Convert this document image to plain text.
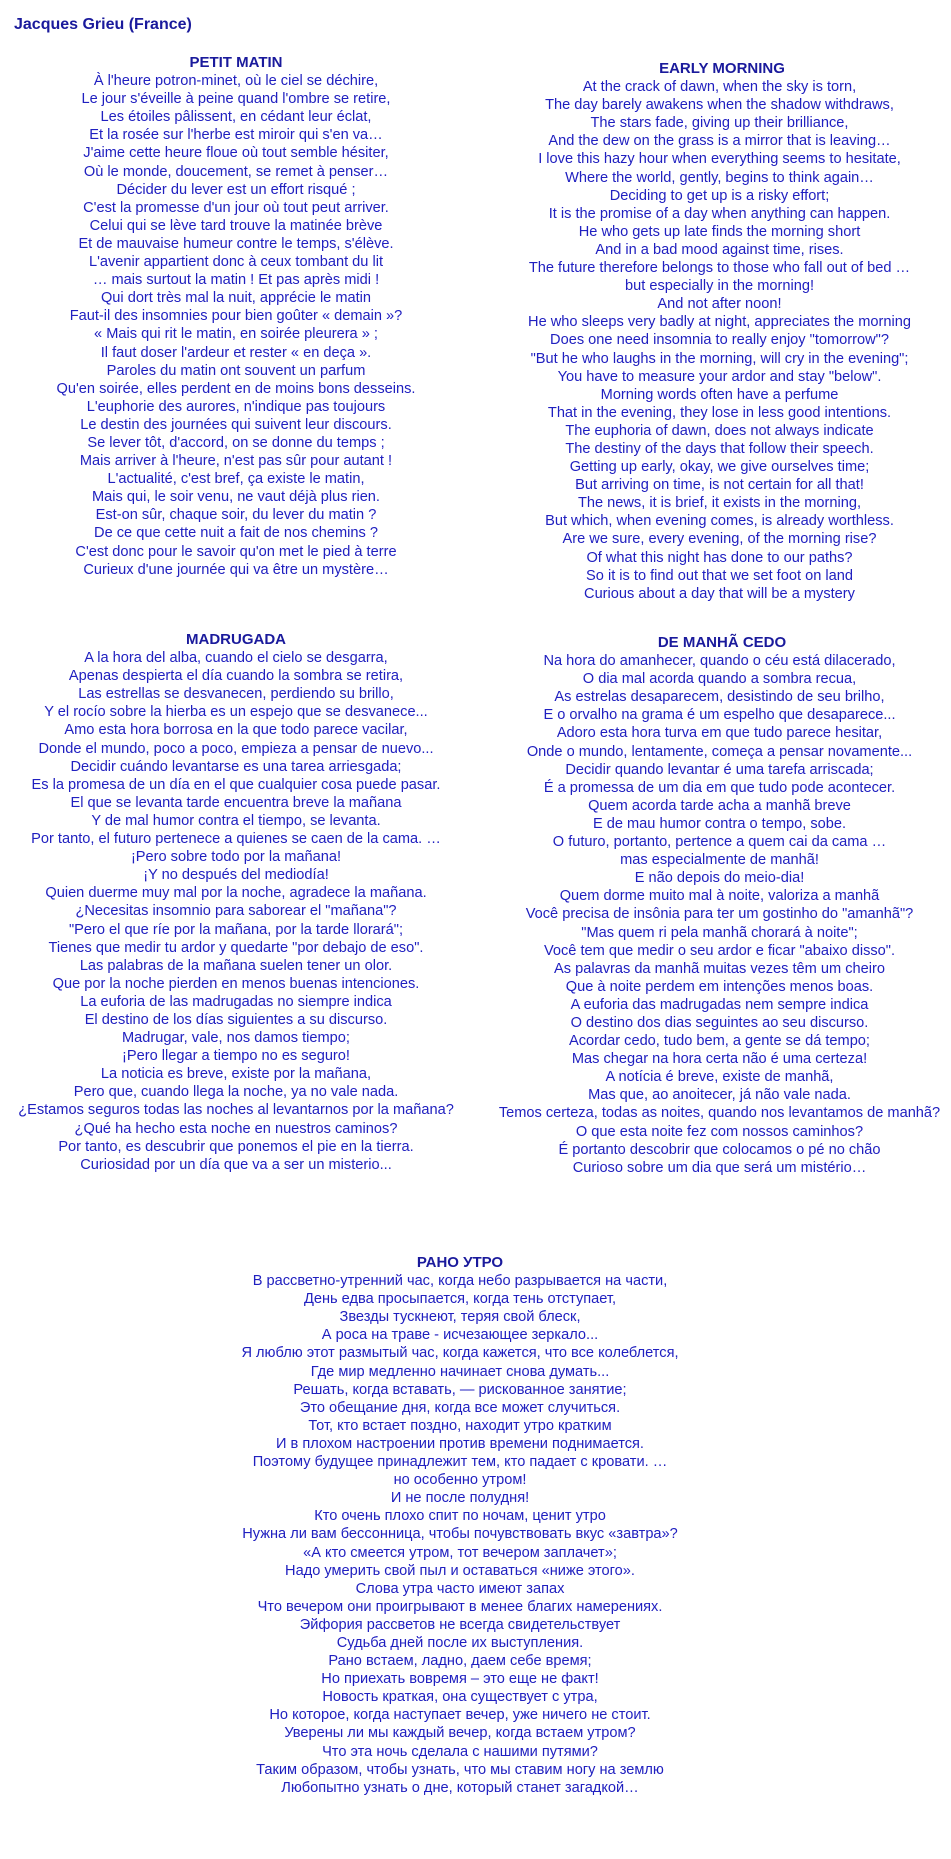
Jacques Grieu (France)
PETIT MATIN
À l'heure potron-minet, où le ciel se déchire,
Le jour s'éveille à peine quand l'ombre se retire,
Les étoiles pâlissent, en cédant leur éclat,
Et la rosée sur l'herbe est miroir qui s'en va…
J'aime cette heure floue où tout semble hésiter,
Où le monde, doucement, se remet à penser…
Décider du lever est un effort risqué ;
C'est la promesse d'un jour où tout peut arriver.
Celui qui se lève tard trouve la matinée brève
Et de mauvaise humeur contre le temps, s'élève.
L'avenir appartient donc à ceux tombant du lit
… mais surtout la matin ! Et pas après midi !
Qui dort très mal la nuit, apprécie le matin
Faut-il des insomnies pour bien goûter « demain »?
« Mais qui rit le matin, en soirée pleurera » ;
Il faut doser l'ardeur et rester « en deça ».
Paroles du matin ont souvent un parfum
Qu'en soirée, elles perdent en de moins bons desseins.
L'euphorie des aurores, n'indique pas toujours
Le destin des journées qui suivent leur discours.
Se lever tôt, d'accord, on se donne du temps ;
Mais arriver à l'heure, n'est pas sûr pour autant !
L'actualité, c'est bref, ça existe le matin,
Mais qui, le soir venu, ne vaut déjà plus rien.
Est-on sûr, chaque soir, du lever du matin ?
De ce que cette nuit a fait de nos chemins ?
C'est donc pour le savoir qu'on met le pied à terre
Curieux d'une journée qui va être un mystère…
EARLY MORNING
At the crack of dawn, when the sky is torn,
The day barely awakens when the shadow withdraws,
The stars fade, giving up their brilliance,
And the dew on the grass is a mirror that is leaving…
I love this hazy hour when everything seems to hesitate,
Where the world, gently, begins to think again…
Deciding to get up is a risky effort;
It is the promise of a day when anything can happen.
He who gets up late finds the morning short
And in a bad mood against time, rises.
The future therefore belongs to those who fall out of bed …
but especially in the morning!
And not after noon!
He who sleeps very badly at night, appreciates the morning
Does one need insomnia to really enjoy "tomorrow"?
"But he who laughs in the morning, will cry in the evening";
You have to measure your ardor and stay "below".
Morning words often have a perfume
That in the evening, they lose in less good intentions.
The euphoria of dawn, does not always indicate
The destiny of the days that follow their speech.
Getting up early, okay, we give ourselves time;
But arriving on time, is not certain for all that!
The news, it is brief, it exists in the morning,
But which, when evening comes, is already worthless.
Are we sure, every evening, of the morning rise?
Of what this night has done to our paths?
So it is to find out that we set foot on land
Curious about a day that will be a mystery
MADRUGADA
A la hora del alba, cuando el cielo se desgarra,
Apenas despierta el día cuando la sombra se retira,
Las estrellas se desvanecen, perdiendo su brillo,
Y el rocío sobre la hierba es un espejo que se desvanece...
Amo esta hora borrosa en la que todo parece vacilar,
Donde el mundo, poco a poco, empieza a pensar de nuevo...
Decidir cuándo levantarse es una tarea arriesgada;
Es la promesa de un día en el que cualquier cosa puede pasar.
El que se levanta tarde encuentra breve la mañana
Y de mal humor contra el tiempo, se levanta.
Por tanto, el futuro pertenece a quienes se caen de la cama. …
¡Pero sobre todo por la mañana!
¡Y no después del mediodía!
Quien duerme muy mal por la noche, agradece la mañana.
¿Necesitas insomnio para saborear el "mañana"?
"Pero el que ríe por la mañana, por la tarde llorará";
Tienes que medir tu ardor y quedarte "por debajo de eso".
Las palabras de la mañana suelen tener un olor.
Que por la noche pierden en menos buenas intenciones.
La euforia de las madrugadas no siempre indica
El destino de los días siguientes a su discurso.
Madrugar, vale, nos damos tiempo;
¡Pero llegar a tiempo no es seguro!
La noticia es breve, existe por la mañana,
Pero que, cuando llega la noche, ya no vale nada.
¿Estamos seguros todas las noches al levantarnos por la mañana?
¿Qué ha hecho esta noche en nuestros caminos?
Por tanto, es descubrir que ponemos el pie en la tierra.
Curiosidad por un día que va a ser un misterio...
DE MANHÃ CEDO
Na hora do amanhecer, quando o céu está dilacerado,
O dia mal acorda quando a sombra recua,
As estrelas desaparecem, desistindo de seu brilho,
E o orvalho na grama é um espelho que desaparece...
Adoro esta hora turva em que tudo parece hesitar,
Onde o mundo, lentamente, começa a pensar novamente...
Decidir quando levantar é uma tarefa arriscada;
É a promessa de um dia em que tudo pode acontecer.
Quem acorda tarde acha a manhã breve
E de mau humor contra o tempo, sobe.
O futuro, portanto, pertence a quem cai da cama …
mas especialmente de manhã!
E não depois do meio-dia!
Quem dorme muito mal à noite, valoriza a manhã
Você precisa de insônia para ter um gostinho do "amanhã"?
"Mas quem ri pela manhã chorará à noite";
Você tem que medir o seu ardor e ficar "abaixo disso".
As palavras da manhã muitas vezes têm um cheiro
Que à noite perdem em intenções menos boas.
A euforia das madrugadas nem sempre indica
O destino dos dias seguintes ao seu discurso.
Acordar cedo, tudo bem, a gente se dá tempo;
Mas chegar na hora certa não é uma certeza!
A notícia é breve, existe de manhã,
Mas que, ao anoitecer, já não vale nada.
Temos certeza, todas as noites, quando nos levantamos de manhã?
O que esta noite fez com nossos caminhos?
É portanto descobrir que colocamos o pé no chão
Curioso sobre um dia que será um mistério…
РАНО УТРО
В рассветно-утренний час, когда небо разрывается на части,
День едва просыпается, когда тень отступает,
Звезды тускнеют, теряя свой блеск,
А роса на траве - исчезающее зеркало...
Я люблю этот размытый час, когда кажется, что все колеблется,
Где мир медленно начинает снова думать...
Решать, когда вставать, — рискованное занятие;
Это обещание дня, когда все может случиться.
Тот, кто встает поздно, находит утро кратким
И в плохом настроении против времени поднимается.
Поэтому будущее принадлежит тем, кто падает с кровати. …
но особенно утром!
И не после полудня!
Кто очень плохо спит по ночам, ценит утро
Нужна ли вам бессонница, чтобы почувствовать вкус «завтра»?
«А кто смеется утром, тот вечером заплачет»;
Надо умерить свой пыл и оставаться «ниже этого».
Слова утра часто имеют запах
Что вечером они проигрывают в менее благих намерениях.
Эйфория рассветов не всегда свидетельствует
Судьба дней после их выступления.
Рано встаем, ладно, даем себе время;
Но приехать вовремя – это еще не факт!
Новость краткая, она существует с утра,
Но которое, когда наступает вечер, уже ничего не стоит.
Уверены ли мы каждый вечер, когда встаем утром?
Что эта ночь сделала с нашими путями?
Таким образом, чтобы узнать, что мы ставим ногу на землю
Любопытно узнать о дне, который станет загадкой…
